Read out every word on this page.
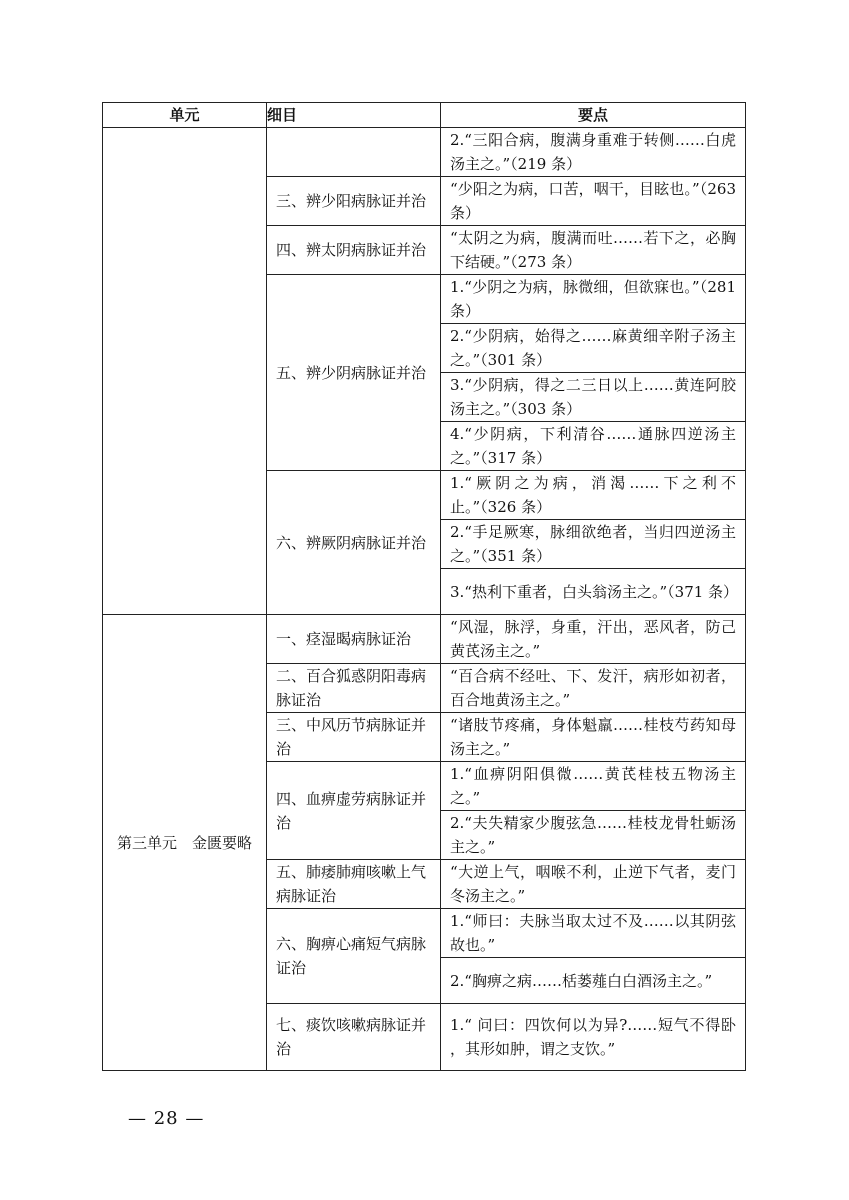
单元	细目	要点
		2.“三阳合病，腹满身重难于转侧……白虎汤主之。”（219 条）
	三、辨少阳病脉证并治	“少阳之为病，口苦，咽干，目眩也。”（263 条）
	四、辨太阴病脉证并治	“太阴之为病，腹满而吐……若下之，必胸下结硬。”（273 条）
	五、辨少阴病脉证并治	1.“少阴之为病，脉微细，但欲寐也。”（281 条）
		2.“少阴病，始得之……麻黄细辛附子汤主之。”（301 条）
		3.“少阴病，得之二三日以上……黄连阿胶汤主之。”（303 条）
		4.“少阴病，下利清谷……通脉四逆汤主之。”（317 条）
	六、辨厥阴病脉证并治	1.“厥阴之为病，消渴……下之利不止。”（326 条）
		2.“手足厥寒，脉细欲绝者，当归四逆汤主之。”（351 条）
		3.“热利下重者，白头翁汤主之。”（371 条）
第三单元　金匮要略	一、痉湿暍病脉证治	“风湿，脉浮，身重，汗出，恶风者，防己黄芪汤主之。”
	二、百合狐惑阴阳毒病脉证治	“百合病不经吐、下、发汗，病形如初者，百合地黄汤主之。”
	三、中风历节病脉证并治	“诸肢节疼痛，身体魁羸……桂枝芍药知母汤主之。”
	四、血痹虚劳病脉证并治	1.“血痹阴阳俱微……黄芪桂枝五物汤主之。”
		2.“夫失精家少腹弦急……桂枝龙骨牡蛎汤主之。”
	五、肺痿肺痈咳嗽上气病脉证治	“大逆上气，咽喉不利，止逆下气者，麦门冬汤主之。”
	六、胸痹心痛短气病脉证治	1.“师曰：夫脉当取太过不及……以其阴弦故也。”
		2.“胸痹之病……栝蒌薤白白酒汤主之。”
	七、痰饮咳嗽病脉证并治	1.“ 问曰：四饮何以为异?……短气不得卧 ，其形如肿，谓之支饮。”
— 28 —
